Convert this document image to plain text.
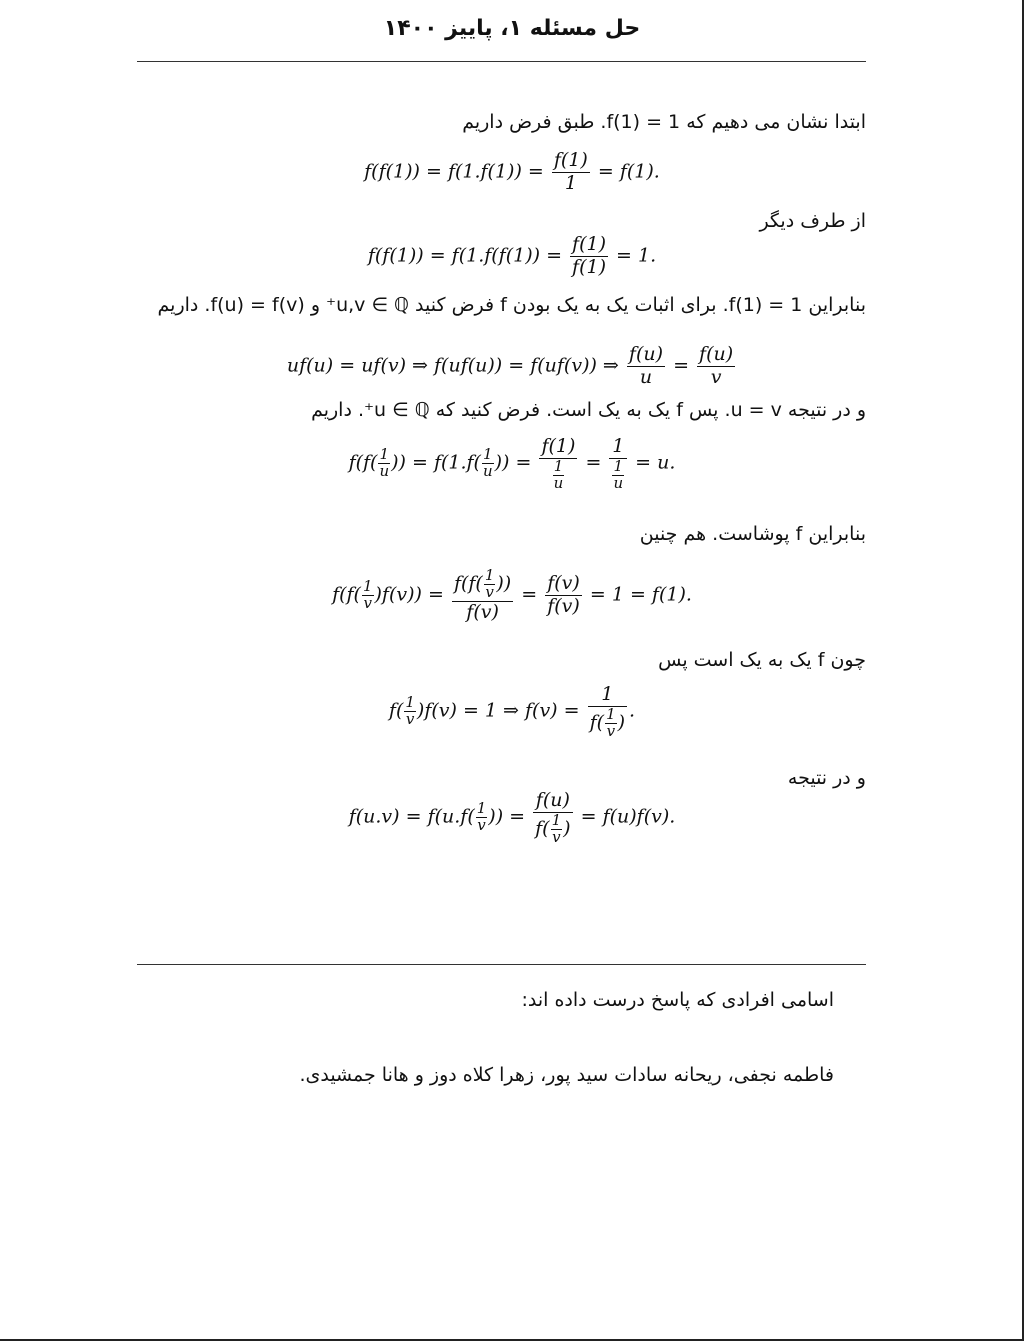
حل مسئله ۱، پاییز ۱۴۰۰
ابتدا نشان می دهیم که f(1) = 1. طبق فرض داریم
$f(f(1)) = f(1.f(1)) = \frac{f(1)}{1} = f(1)$.
از طرف دیگر
$f(f(1)) = f(1.f(f(1)) = \frac{f(1)}{f(1)} = 1$.
بنابراین f(1) = 1. برای اثبات یک به یک بودن f فرض کنید u,v ∈ ℚ⁺ و f(u) = f(v). داریم
uf(u) = uf(v) ⇒ f(uf(u)) = f(uf(v)) ⇒ $\frac{f(u)}{u} = \frac{f(u)}{v}$
و در نتیجه u = v. پس f یک به یک است. فرض کنید که u ∈ ℚ⁺. داریم
$f(f( \frac{1}{u}$ )) = $f(1.f( \frac{1}{u}$ )) = $\frac{f(1)}{\frac{1}{u}} = \frac{1}{\frac{1}{u}} = u$.
بنابراین f پوشاست. هم چنین
$f(f( \frac{1}{v} )f(v)) = \frac{f(f( \frac{1}{v} ))}{f(v)} = \frac{f(v)}{f(v)} = 1 = f(1)$.
چون f یک به یک است پس
$f( \frac{1}{v} )f(v) = 1$ ⇒ $f(v) = \frac{1}{f( \frac{1}{v} )}$ .
و در نتیجه
$f(u.v) = f(u.f( \frac{1}{v}$ )) = $\frac{f(u)}{f( \frac{1}{v} )} = f(u)f(v)$.
اسامی افرادی که پاسخ درست داده اند:
فاطمه نجفی، ریحانه سادات سید پور، زهرا کلاه دوز و هانا جمشیدی.
